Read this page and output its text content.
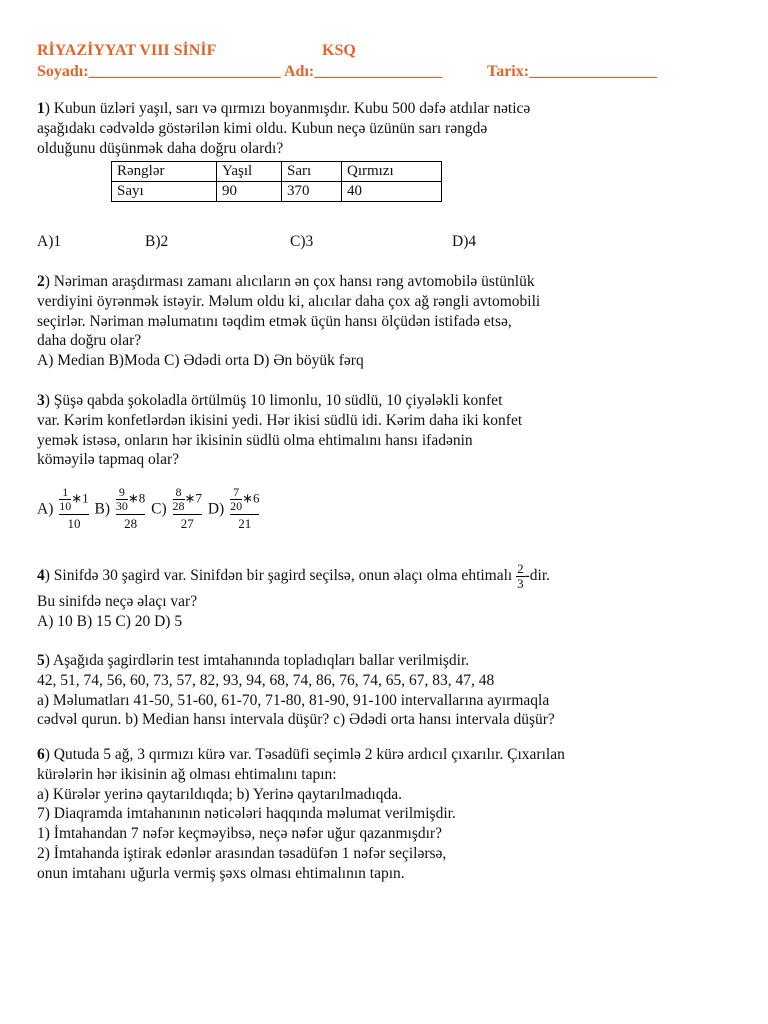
RİYAZİYYAT VIII SİNİF	KSQ
Soyadı:________________________ Adı:________________	Tarix:________________

1) Kubun üzləri yaşıl, sarı və qırmızı boyanmışdır. Kubu 500 dəfə atdılar nəticə

aşağıdakı cədvəldə göstərilən kimi oldu. Kubun neçə üzünün sarı rəngdə

olduğunu düşünmək daha doğru olardı?

Rənglər	Yaşıl	Sarı	Qırmızı
Sayı	90	370	40
A)1	B)2	C)3	D)4

2) Nəriman araşdırması zamanı alıcıların ən çox hansı rəng avtomobilə üstünlük

verdiyini öyrənmək istəyir. Məlum oldu ki, alıcılar daha çox ağ rəngli avtomobili

seçirlər. Nəriman məlumatını təqdim etmək üçün hansı ölçüdən istifadə etsə,

daha doğru olar?

A) Median B)Moda C) Ədədi orta D) Ən böyük fərq

3) Şüşə qabda şokoladla örtülmüş 10 limonlu, 10 südlü, 10 çiyələkli konfet

var. Kərim konfetlərdən ikisini yedi. Hər ikisi südlü idi. Kərim daha iki konfet

yemək istəsə, onların hər ikisinin südlü olma ehtimalını hansı ifadənin

köməyilə tapmaq olar?

$A) \frac{\frac{1}{10} ∗1}{10} B) \frac{\frac{9}{30} ∗8}{28} C) \frac{\frac{8}{28} ∗7}{27} D) \frac{\frac{7}{20} ∗6}{21}$

4) Sinifdə 30 şagird var. Sinifdən bir şagird seçilsə, onun əlaçı olma ehtimalı $\frac{2}{3} -dir$.

Bu sinifdə neçə əlaçı var?

A) 10 B) 15 C) 20 D) 5

5) Aşağıda şagirdlərin test imtahanında topladıqları ballar verilmişdir.

42, 51, 74, 56, 60, 73, 57, 82, 93, 94, 68, 74, 86, 76, 74, 65, 67, 83, 47, 48

a) Məlumatları 41-50, 51-60, 61-70, 71-80, 81-90, 91-100 intervallarına ayırmaqla

cədvəl qurun. b) Median hansı intervala düşür? c) Ədədi orta hansı intervala düşür?

6) Qutuda 5 ağ, 3 qırmızı kürə var. Təsadüfi seçimlə 2 kürə ardıcıl çıxarılır. Çıxarılan

kürələrin hər ikisinin ağ olması ehtimalını tapın:

a) Kürələr yerinə qaytarıldıqda; b) Yerinə qaytarılmadıqda.

7) Diaqramda imtahanının nəticələri haqqında məlumat verilmişdir.

1) İmtahandan 7 nəfər keçməyibsə, neçə nəfər uğur qazanmışdır?

2) İmtahanda iştirak edənlər arasından təsadüfən 1 nəfər seçilərsə,

onun imtahanı uğurla vermiş şəxs olması ehtimalının tapın.
